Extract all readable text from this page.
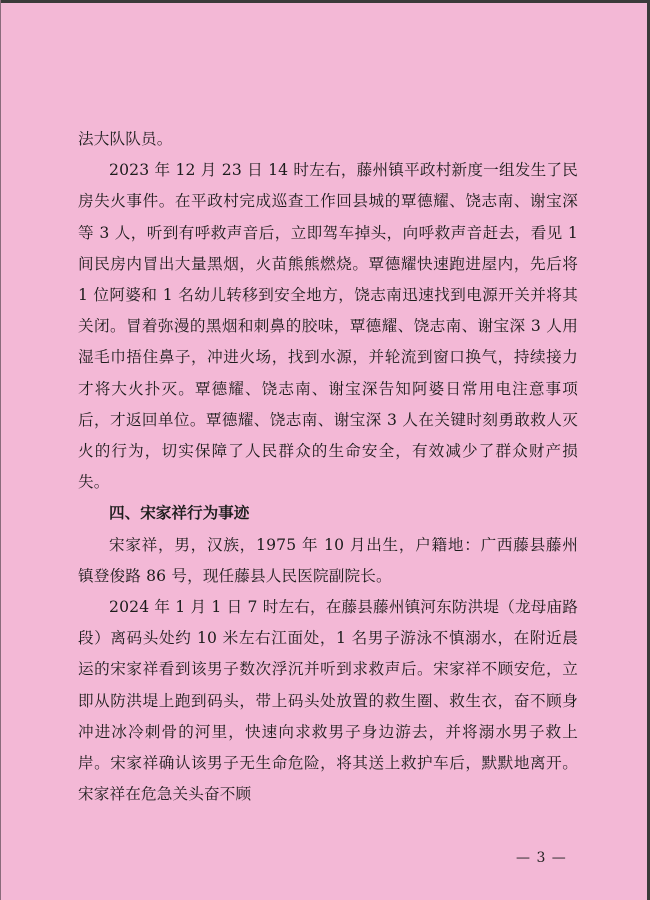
法大队队员。

2023 年 12 月 23 日 14 时左右，藤州镇平政村新度一组发生了民房失火事件。在平政村完成巡查工作回县城的覃德耀、饶志南、谢宝深等 3 人，听到有呼救声音后，立即驾车掉头，向呼救声音赶去，看见 1 间民房内冒出大量黑烟，火苗熊熊燃烧。覃德耀快速跑进屋内，先后将 1 位阿婆和 1 名幼儿转移到安全地方，饶志南迅速找到电源开关并将其关闭。冒着弥漫的黑烟和刺鼻的胶味，覃德耀、饶志南、谢宝深 3 人用湿毛巾捂住鼻子，冲进火场，找到水源，并轮流到窗口换气，持续接力才将大火扑灭。覃德耀、饶志南、谢宝深告知阿婆日常用电注意事项后，才返回单位。覃德耀、饶志南、谢宝深 3 人在关键时刻勇敢救人灭火的行为，切实保障了人民群众的生命安全，有效减少了群众财产损失。

四、宋家祥行为事迹

宋家祥，男，汉族，1975 年 10 月出生，户籍地：广西藤县藤州镇登俊路 86 号，现任藤县人民医院副院长。

2024 年 1 月 1 日 7 时左右，在藤县藤州镇河东防洪堤（龙母庙路段）离码头处约 10 米左右江面处，1 名男子游泳不慎溺水，在附近晨运的宋家祥看到该男子数次浮沉并听到求救声后。宋家祥不顾安危，立即从防洪堤上跑到码头，带上码头处放置的救生圈、救生衣，奋不顾身冲进冰冷刺骨的河里，快速向求救男子身边游去，并将溺水男子救上岸。宋家祥确认该男子无生命危险，将其送上救护车后，默默地离开。宋家祥在危急关头奋不顾

— 3 —
